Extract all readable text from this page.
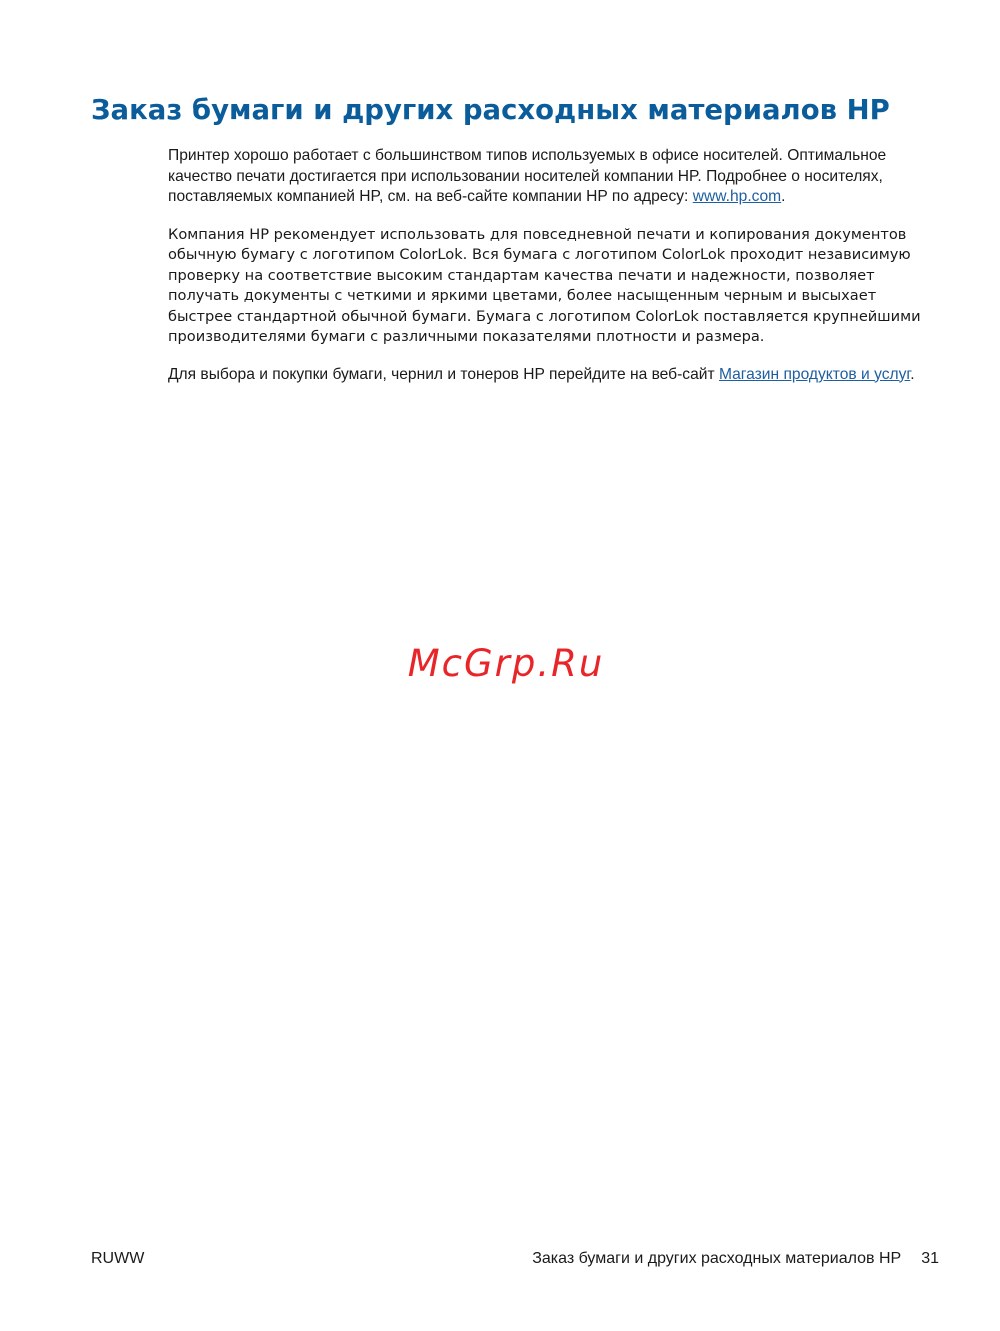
Заказ бумаги и других расходных материалов HP

Принтер хорошо работает с большинством типов используемых в офисе носителей. Оптимальное качество печати достигается при использовании носителей компании HP. Подробнее о носителях, поставляемых компанией HP, см. на веб-сайте компании HP по адресу: www.hp.com.

Компания HP рекомендует использовать для повседневной печати и копирования документов обычную бумагу с логотипом ColorLok. Вся бумага с логотипом ColorLok проходит независимую проверку на соответствие высоким стандартам качества печати и надежности, позволяет получать документы с четкими и яркими цветами, более насыщенным черным и высыхает быстрее стандартной обычной бумаги. Бумага с логотипом ColorLok поставляется крупнейшими производителями бумаги с различными показателями плотности и размера.

Для выбора и покупки бумаги, чернил и тонеров HP перейдите на веб-сайт Магазин продуктов и услуг.

McGrp.Ru
RUWW	Заказ бумаги и других расходных материалов HP 31
